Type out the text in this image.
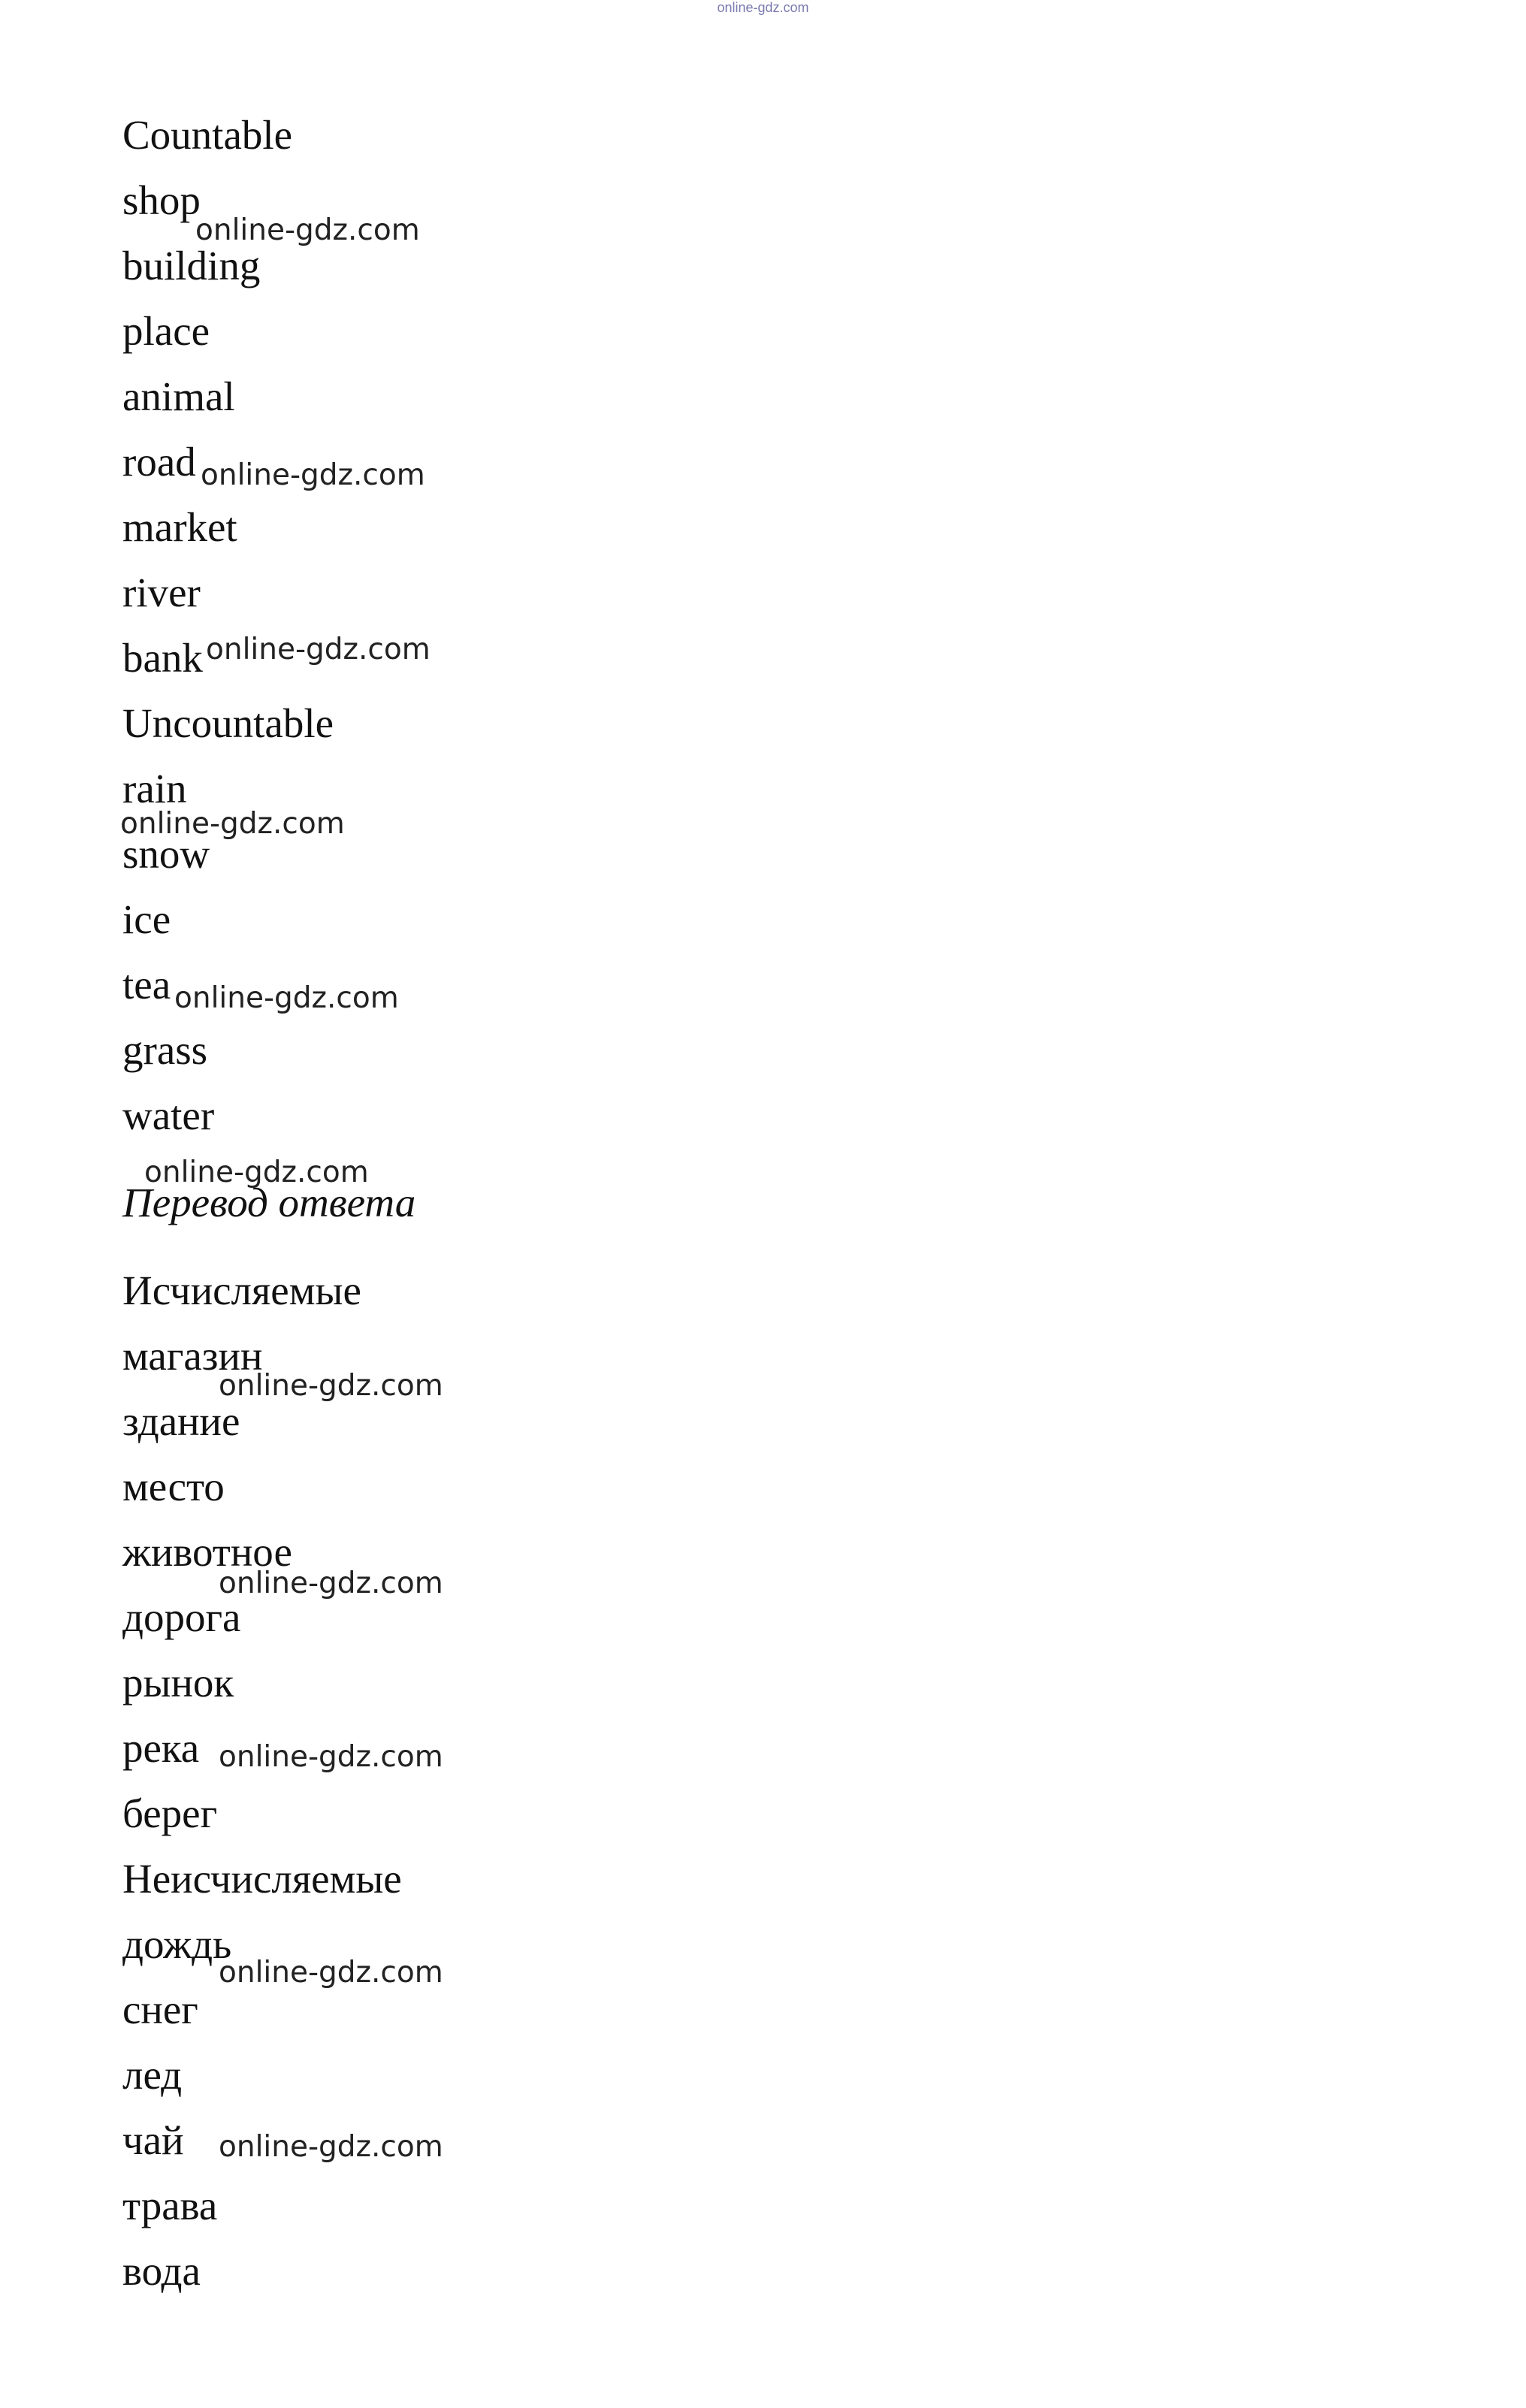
online-gdz.com
Countable
shop
building
place
animal
road
market
river
bank
Uncountable
rain
snow
ice
tea
grass
water
Перевод ответа
Исчисляемые
магазин
здание
место
животное
дорога
рынок
река
берег
Неисчисляемые
дождь
снег
лед
чай
трава
вода
online-gdz.com
online-gdz.com
online-gdz.com
online-gdz.com
online-gdz.com
online-gdz.com
online-gdz.com
online-gdz.com
online-gdz.com
online-gdz.com
online-gdz.com
